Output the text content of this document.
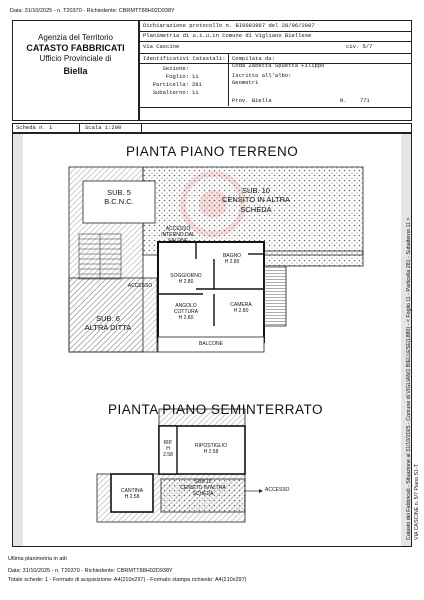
Data: 31/10/2025 - n. T20370 - Richiedente: CBRMTT88H02D938Y
Agenzia del Territorio
CATASTO FABBRICATI
Ufficio Provinciale di
Biella
Dichiarazione protocollo n. BI0083967 del 28/06/2007
Planimetria di u.i.u.in Comune di Vigliano Biellese
Via Cascine	civ. 5/7
Identificativi Catastali:
Sezione:
Foglio: 11
Particella: 281
Subalterno: 11
Compilata da:
Coda Zabetta Spuetta Filippo
Iscritto all'albo:
Geometri
Prov. Biella	N. 771
Scheda n. 1	Scala 1:200
PIANTA PIANO TERRENO
SUB. 5
B.C.N.C.
SUB. 10
CENSITO IN ALTRA
SCHEDA
ACCESSO
INTERNO DAL
SALONE
ACCESSO
SUB. 6
ALTRA DITTA
SOGGIORNO
H 2.80
BAGNO
H 2.80
ANGOLO
COTTURA
H 2.80
CAMERA
H 2.80
BALCONE
PIANTA PIANO SEMINTERRATO
RIP.
H
2.58
RIPOSTIGLIO
H 2.58
CANTINA
H 2.58
SUB.12
CENSITO IN ALTRA
SCHEDA
ACCESSO	Catasto dei Fabbricati - Situazione al 31/10/2025 - Comune di VIGLIANO BIELLESE(L880) - < Foglio 11 - Particella 281 - Subalterno 11 > VIA CASCINE n. 5/7 Piano S1-T
Ultima planimetria in atti
Data: 31/10/2025 - n. T20370 - Richiedente: CBRMTT88H02D938Y
Totale schede: 1 - Formato di acquisizione: A4(210x297) - Formato stampa richiesto: A4(210x297)
